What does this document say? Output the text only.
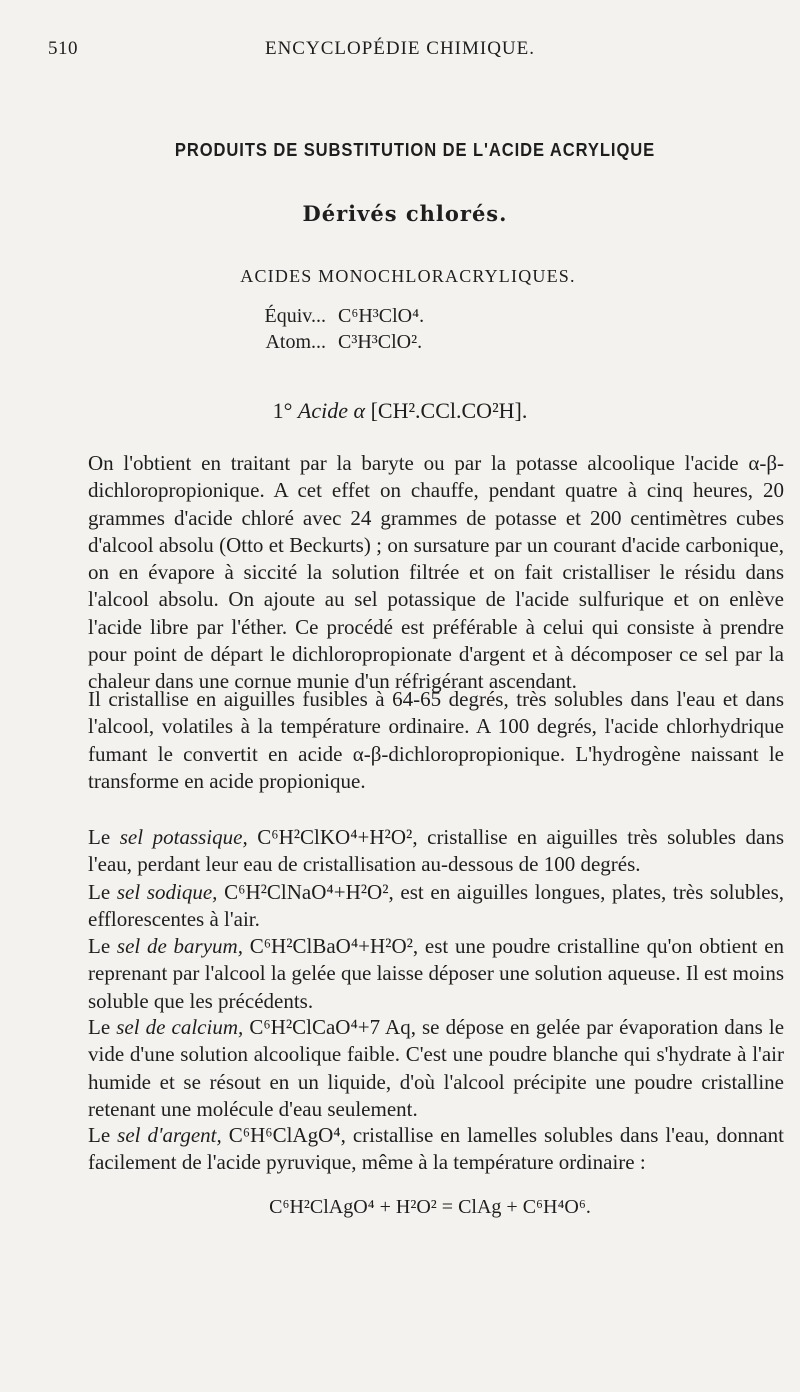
510	ENCYCLOPÉDIE CHIMIQUE.
PRODUITS DE SUBSTITUTION DE L'ACIDE ACRYLIQUE
Dérivés chlorés.
ACIDES MONOCHLORACRYLIQUES.
Équiv... C⁶H³ClO⁴.
Atom... C³H³ClO².
1° Acide α [CH².CCl.CO²H].
On l'obtient en traitant par la baryte ou par la potasse alcoolique l'acide α-β-dichloropropionique. A cet effet on chauffe, pendant quatre à cinq heures, 20 grammes d'acide chloré avec 24 grammes de potasse et 200 centimètres cubes d'alcool absolu (Otto et Beckurts) ; on sursature par un courant d'acide carbonique, on en évapore à siccité la solution filtrée et on fait cristalliser le résidu dans l'alcool absolu. On ajoute au sel potassique de l'acide sulfurique et on enlève l'acide libre par l'éther. Ce procédé est préférable à celui qui consiste à prendre pour point de départ le dichloropropionate d'argent et à décomposer ce sel par la chaleur dans une cornue munie d'un réfrigérant ascendant.
Il cristallise en aiguilles fusibles à 64-65 degrés, très solubles dans l'eau et dans l'alcool, volatiles à la température ordinaire. A 100 degrés, l'acide chlorhydrique fumant le convertit en acide α-β-dichloropropionique. L'hydrogène naissant le transforme en acide propionique.
Le sel potassique, C⁶H²ClKO⁴+H²O², cristallise en aiguilles très solubles dans l'eau, perdant leur eau de cristallisation au-dessous de 100 degrés.
Le sel sodique, C⁶H²ClNaO⁴+H²O², est en aiguilles longues, plates, très solubles, efflorescentes à l'air.
Le sel de baryum, C⁶H²ClBaO⁴+H²O², est une poudre cristalline qu'on obtient en reprenant par l'alcool la gelée que laisse déposer une solution aqueuse. Il est moins soluble que les précédents.
Le sel de calcium, C⁶H²ClCaO⁴+7 Aq, se dépose en gelée par évaporation dans le vide d'une solution alcoolique faible. C'est une poudre blanche qui s'hydrate à l'air humide et se résout en un liquide, d'où l'alcool précipite une poudre cristalline retenant une molécule d'eau seulement.
Le sel d'argent, C⁶H⁶ClAgO⁴, cristallise en lamelles solubles dans l'eau, donnant facilement de l'acide pyruvique, même à la température ordinaire :
C⁶H²ClAgO⁴ + H²O² = ClAg + C⁶H⁴O⁶.
